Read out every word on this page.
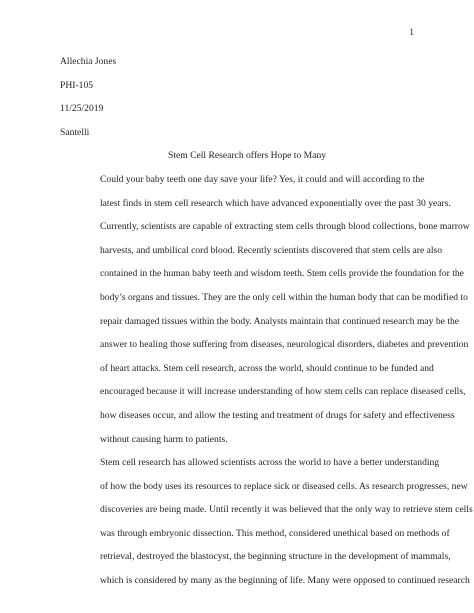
1

Allechia Jones

PHI-105

11/25/2019

Santelli

Stem Cell Research offers Hope to Many

Could your baby teeth one day save your life? Yes, it could and will according to the
latest finds in stem cell research which have advanced exponentially over the past 30 years.
Currently, scientists are capable of extracting stem cells through blood collections, bone marrow
harvests, and umbilical cord blood. Recently scientists discovered that stem cells are also
contained in the human baby teeth and wisdom teeth. Stem cells provide the foundation for the
body’s organs and tissues. They are the only cell within the human body that can be modified to
repair damaged tissues within the body. Analysts maintain that continued research may be the
answer to healing those suffering from diseases, neurological disorders, diabetes and prevention
of heart attacks. Stem cell research, across the world, should continue to be funded and
encouraged because it will increase understanding of how stem cells can replace diseased cells,
how diseases occur, and allow the testing and treatment of drugs for safety and effectiveness
without causing harm to patients.

Stem cell research has allowed scientists across the world to have a better understanding
of how the body uses its resources to replace sick or diseased cells. As research progresses, new
discoveries are being made. Until recently it was believed that the only way to retrieve stem cells
was through embryonic dissection. This method, considered unethical based on methods of
retrieval, destroyed the blastocyst, the beginning structure in the development of mammals,
which is considered by many as the beginning of life. Many were opposed to continued research
